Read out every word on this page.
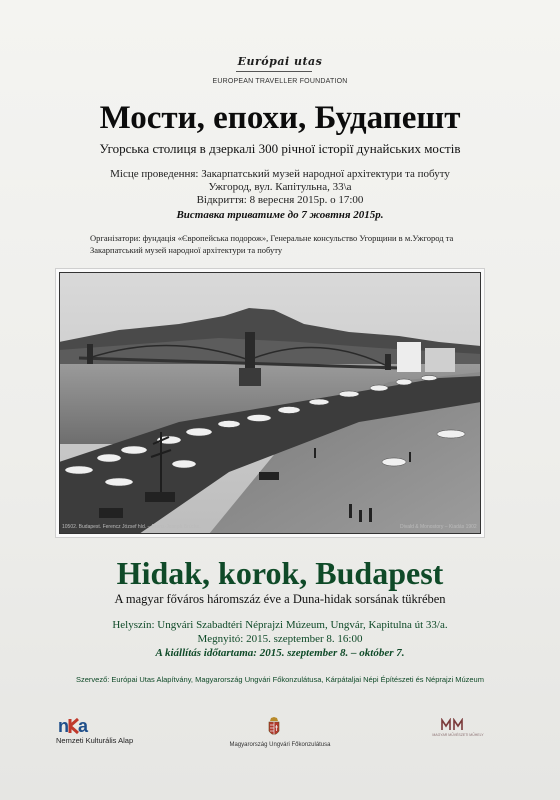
Európai utas
EUROPEAN TRAVELLER FOUNDATION
Мости, епохи, Будапешт
Угорська столиця в дзеркалі 300 річної історії дунайських мостів
Місце проведення: Закарпатський музей народної архітектури та побуту
Ужгород, вул. Капітульна, 33\а
Відкриття: 8 вересня 2015р. о 17:00
Виставка триватиме до 7 жовтня 2015р.
Організатори: фундація «Європейська подорож», Генеральне консульство Угорщини в м.Ужгород та
Закарпатський музей народної архітектури та побуту
10502. Budapest. Ferencz József híd. – Franz-Joseph Brücke.	Divald & Monostory – Kiadás 1902
Hidak, korok, Budapest
A magyar főváros háromszáz éve a Duna-hidak sorsának tükrében
Helyszín: Ungvári Szabadtéri Néprajzi Múzeum, Ungvár, Kapitulna út 33/a.
Megnyitó: 2015. szeptember 8. 16:00
A kiállítás időtartama: 2015. szeptember 8. – október 7.
Szervező: Európai Utas Alapítvány, Magyarország Ungvári Főkonzulátusa, Kárpátaljai Népi Építészeti és Néprajzi Múzeum
n a
Nemzeti Kulturális Alap	Magyarország Ungvári Főkonzulátusa
MAGYAR MŰVÉSZETI MŰHELY
